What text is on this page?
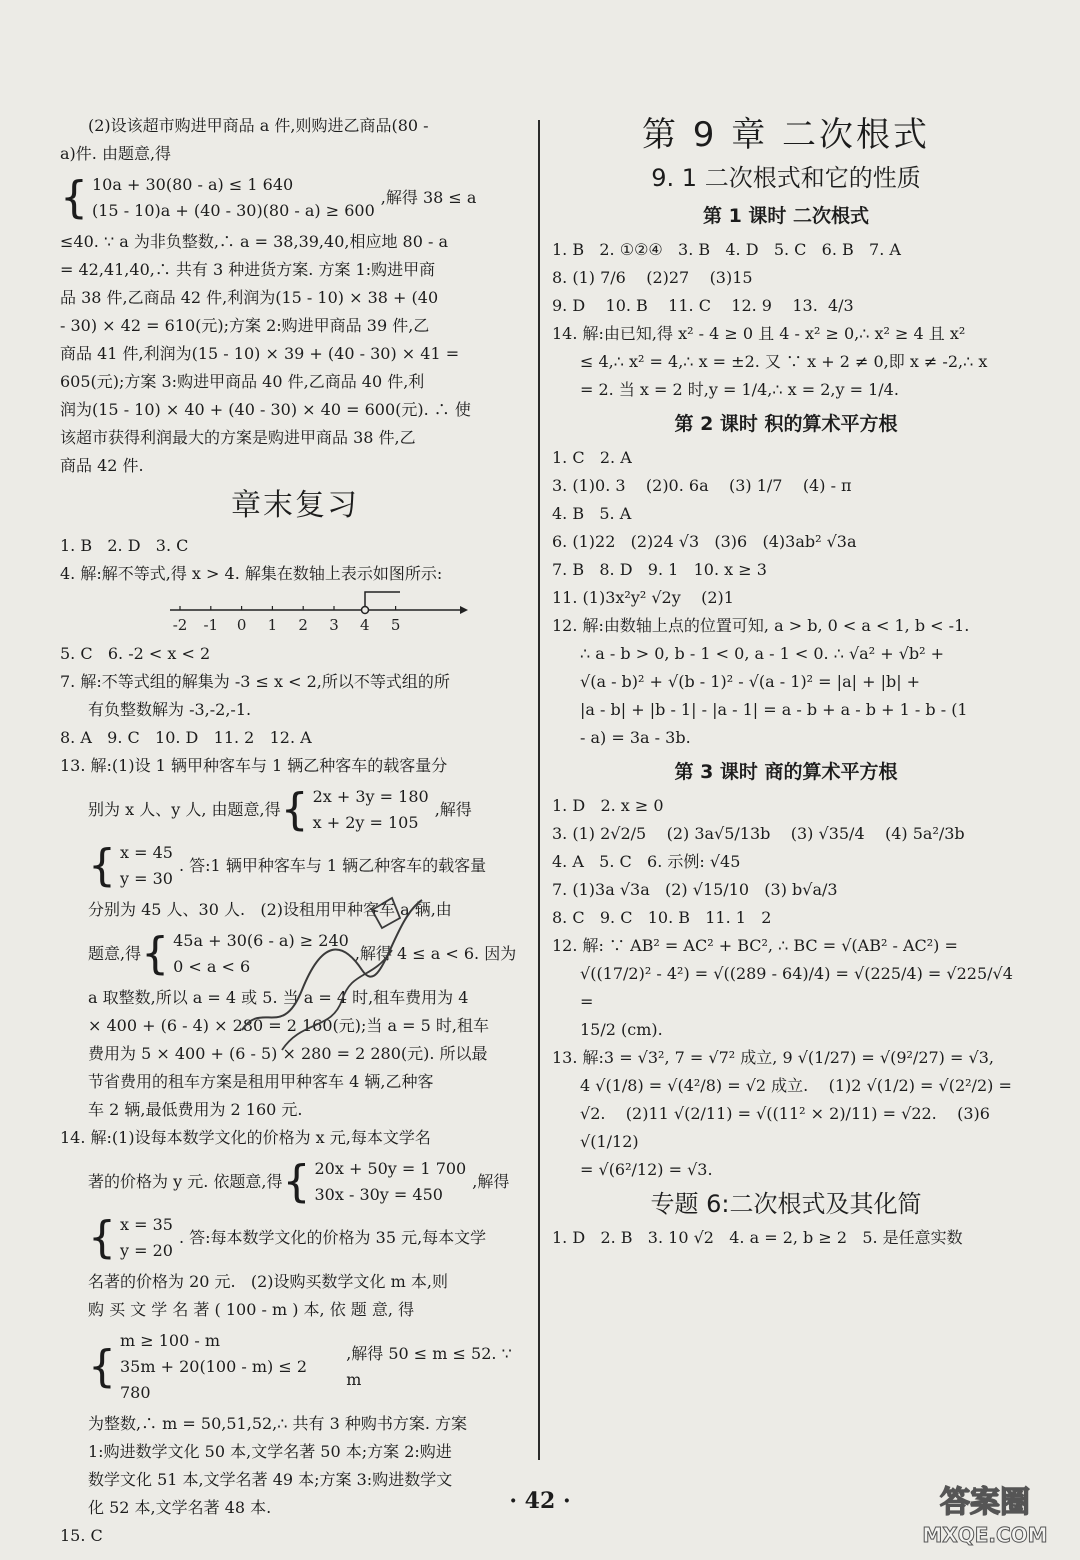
(2)设该超市购进甲商品 a 件,则购进乙商品(80 -

a)件. 由题意,得

{ 10a + 30(80 - a) ≤ 1 640
(15 - 10)a + (40 - 30)(80 - a) ≥ 600
,解得 38 ≤ a

≤40. ∵ a 为非负整数,∴ a = 38,39,40,相应地 80 - a

= 42,41,40,∴ 共有 3 种进货方案. 方案 1:购进甲商

品 38 件,乙商品 42 件,利润为(15 - 10) × 38 + (40

- 30) × 42 = 610(元);方案 2:购进甲商品 39 件,乙

商品 41 件,利润为(15 - 10) × 39 + (40 - 30) × 41 =

605(元);方案 3:购进甲商品 40 件,乙商品 40 件,利

润为(15 - 10) × 40 + (40 - 30) × 40 = 600(元). ∴ 使

该超市获得利润最大的方案是购进甲商品 38 件,乙

商品 42 件.

章末复习

1. B   2. D   3. C

4. 解:解不等式,得 x > 4. 解集在数轴上表示如图所示:

-2 -1 0 1 2 3 4 5

5. C   6. -2 < x < 2

7. 解:不等式组的解集为 -3 ≤ x < 2,所以不等式组的所

有负整数解为 -3,-2,-1.

8. A   9. C   10. D   11. 2   12. A

13. 解:(1)设 1 辆甲种客车与 1 辆乙种客车的载客量分

别为 x 人、y 人, 由题意,得 { 2x + 3y = 180
x + 2y = 105
,解得
{ x = 45
y = 30
. 答:1 辆甲种客车与 1 辆乙种客车的载客量

分别为 45 人、30 人.   (2)设租用甲种客车 a 辆,由

题意,得 { 45a + 30(6 - a) ≥ 240
0 < a < 6
,解得 4 ≤ a < 6. 因为

a 取整数,所以 a = 4 或 5. 当 a = 4 时,租车费用为 4

× 400 + (6 - 4) × 280 = 2 160(元);当 a = 5 时,租车

费用为 5 × 400 + (6 - 5) × 280 = 2 280(元). 所以最

节省费用的租车方案是租用甲种客车 4 辆,乙种客

车 2 辆,最低费用为 2 160 元.

14. 解:(1)设每本数学文化的价格为 x 元,每本文学名

著的价格为 y 元. 依题意,得 { 20x + 50y = 1 700
30x - 30y = 450
,解得
{ x = 35
y = 20
. 答:每本数学文化的价格为 35 元,每本文学

名著的价格为 20 元.   (2)设购买数学文化 m 本,则

购 买 文 学 名 著 ( 100 - m ) 本, 依 题 意, 得

{
m ≥ 100 - m
35m + 20(100 - m) ≤ 2 780
,解得 50 ≤ m ≤ 52. ∵ m

为整数,∴ m = 50,51,52,∴ 共有 3 种购书方案. 方案

1:购进数学文化 50 本,文学名著 50 本;方案 2:购进

数学文化 51 本,文学名著 49 本;方案 3:购进数学文

化 52 本,文学名著 48 本.

15. C

第 9 章 二次根式
9. 1 二次根式和它的性质
第 1 课时 二次根式

1. B   2. ①②④   3. B   4. D   5. C   6. B   7. A

8. (1) 7/6    (2)27    (3)15

9. D    10. B    11. C    12. 9    13.  4/3

14. 解:由已知,得 x² - 4 ≥ 0 且 4 - x² ≥ 0,∴ x² ≥ 4 且 x²

≤ 4,∴ x² = 4,∴ x = ±2. 又 ∵ x + 2 ≠ 0,即 x ≠ -2,∴ x

= 2. 当 x = 2 时,y = 1/4,∴ x = 2,y = 1/4.

第 2 课时 积的算术平方根

1. C   2. A

3. (1)0. 3    (2)0. 6a    (3) 1/7    (4) - π

4. B   5. A

6. (1)22   (2)24 √3   (3)6   (4)3ab² √3a

7. B   8. D   9. 1   10. x ≥ 3

11. (1)3x²y² √2y    (2)1

12. 解:由数轴上点的位置可知, a > b, 0 < a < 1, b < -1.

∴ a - b > 0, b - 1 < 0, a - 1 < 0. ∴ √a² + √b² +

√(a - b)² + √(b - 1)² - √(a - 1)² = |a| + |b| +

|a - b| + |b - 1| - |a - 1| = a - b + a - b + 1 - b - (1

- a) = 3a - 3b.

第 3 课时 商的算术平方根

1. D   2. x ≥ 0

3. (1) 2√2/5    (2) 3a√5/13b    (3) √35/4    (4) 5a²/3b

4. A   5. C   6. 示例: √45

7. (1)3a √3a   (2) √15/10   (3) b√a/3

8. C   9. C   10. B   11. 1   2

12. 解: ∵ AB² = AC² + BC², ∴ BC = √(AB² - AC²) =

√((17/2)² - 4²) = √((289 - 64)/4) = √(225/4) = √225/√4 =

15/2 (cm).

13. 解:3 = √3², 7 = √7² 成立, 9 √(1/27) = √(9²/27) = √3,

4 √(1/8) = √(4²/8) = √2 成立.    (1)2 √(1/2) = √(2²/2) =

√2.    (2)11 √(2/11) = √((11² × 2)/11) = √22.    (3)6 √(1/12)

= √(6²/12) = √3.

专题 6:二次根式及其化简

1. D   2. B   3. 10 √2   4. a = 2, b ≥ 2   5. 是任意实数

· 42 ·	答案圈
MXQE.COM
